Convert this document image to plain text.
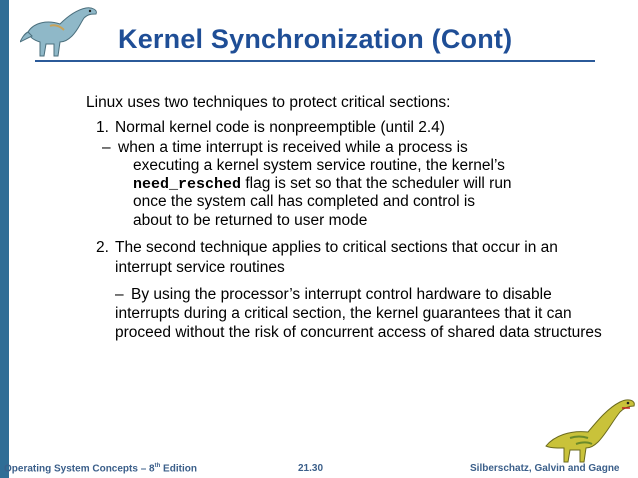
Kernel Synchronization (Cont)
Linux uses two techniques to protect critical sections:
1. Normal kernel code is nonpreemptible (until 2.4)
– when a time interrupt is received while a process is
executing a kernel system service routine, the kernel’s
need_resched flag is set so that the scheduler will run
once the system call has completed and control is
about to be returned to user mode
2. The second technique applies to critical sections that occur in an
interrupt service routines
– By using the processor’s interrupt control hardware to disable
interrupts during a critical section, the kernel guarantees that it can
proceed without the risk of concurrent access of shared data structures
Operating System Concepts – 8th Edition	21.30	Silberschatz, Galvin and Gagne
